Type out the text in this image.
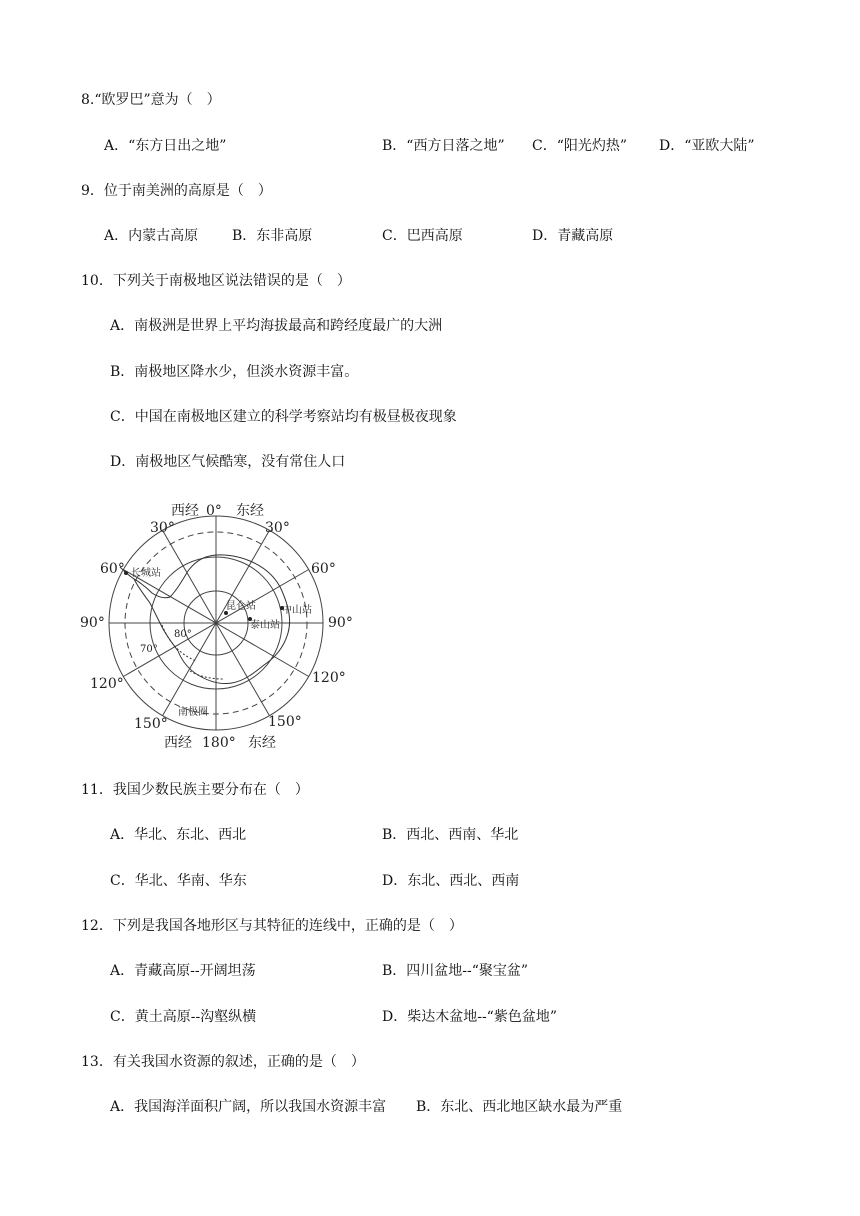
8.“欧罗巴”意为（　）
A．“东方日出之地”	B．“西方日落之地” C．“阳光灼热” D．“亚欧大陆”
9．位于南美洲的高原是（　）
A．内蒙古高原 B．东非高原	C．巴西高原	D．青藏高原
10．下列关于南极地区说法错误的是（　）
A．南极洲是世界上平均海拔最高和跨经度最广的大洲
B．南极地区降水少，但淡水资源丰富。
C．中国在南极地区建立的科学考察站均有极昼极夜现象
D．南极地区气候酷寒，没有常住人口
长城站
昆仑站	中山站
泰山站
80°
70°
南极圈
西经 0° 东经
30°
60°
90°
120°
150°
30°
60°
90°
120°
150°
西经 180° 东经
11．我国少数民族主要分布在（　）
A．华北、东北、西北	B．西北、西南、华北
C．华北、华南、华东	D．东北、西北、西南
12．下列是我国各地形区与其特征的连线中，正确的是（　）
A．青藏高原--开阔坦荡	B．四川盆地--“聚宝盆”
C．黄土高原--沟壑纵横	D．柴达木盆地--“紫色盆地”
13．有关我国水资源的叙述，正确的是（　）
A．我国海洋面积广阔，所以我国水资源丰富 B．东北、西北地区缺水最为严重
